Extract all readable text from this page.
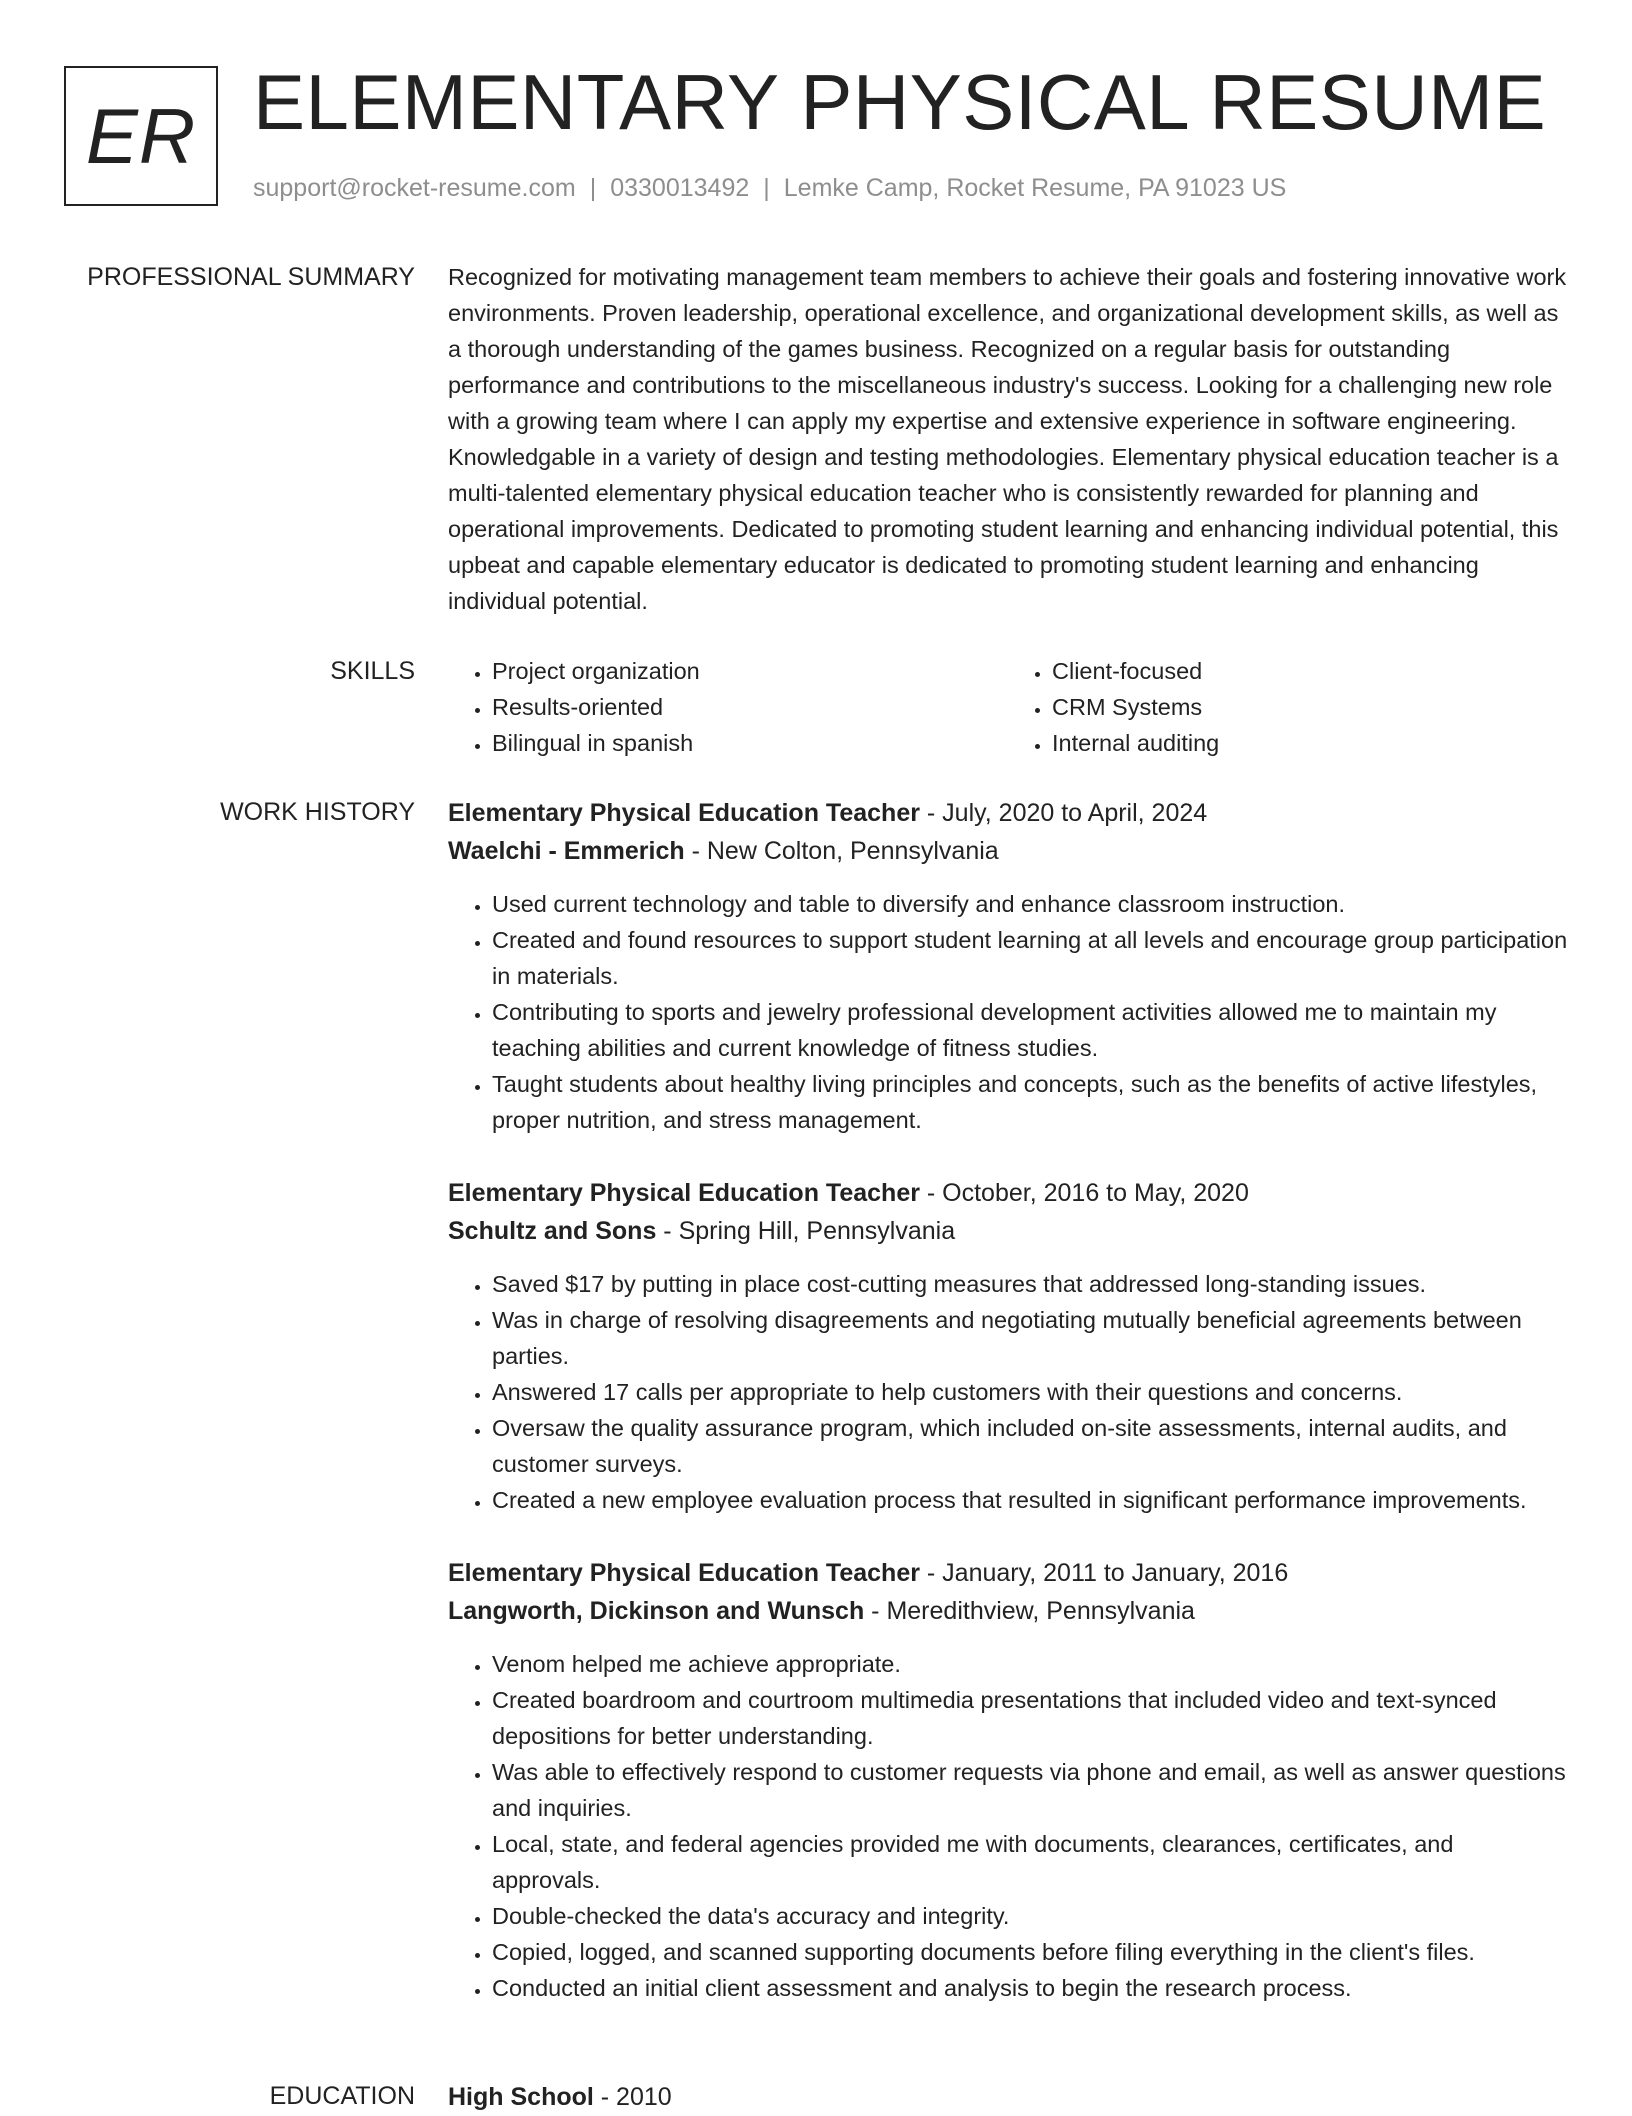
ER ELEMENTARY PHYSICAL RESUME
support@rocket-resume.com | 0330013492 | Lemke Camp, Rocket Resume, PA 91023 US
PROFESSIONAL SUMMARY Recognized for motivating management team members to achieve their goals and fostering innovative work environments. Proven leadership, operational excellence, and organizational development skills, as well as a thorough understanding of the games business. Recognized on a regular basis for outstanding performance and contributions to the miscellaneous industry's success. Looking for a challenging new role with a growing team where I can apply my expertise and extensive experience in software engineering. Knowledgable in a variety of design and testing methodologies. Elementary physical education teacher is a multi-talented elementary physical education teacher who is consistently rewarded for planning and operational improvements. Dedicated to promoting student learning and enhancing individual potential, this upbeat and capable elementary educator is dedicated to promoting student learning and enhancing individual potential.

SKILLS
•	Project organization
• Results-oriented
• Bilingual in spanish
• Client-focused
• CRM Systems
• Internal auditing
WORK HISTORY Elementary Physical Education Teacher - July, 2020 to April, 2024
Waelchi - Emmerich - New Colton, Pennsylvania
• Used current technology and table to diversify and enhance classroom instruction.
• Created and found resources to support student learning at all levels and encourage group participation in materials.
• Contributing to sports and jewelry professional development activities allowed me to maintain my teaching abilities and current knowledge of fitness studies.
• Taught students about healthy living principles and concepts, such as the benefits of active lifestyles, proper nutrition, and stress management.
Elementary Physical Education Teacher - October, 2016 to May, 2020
Schultz and Sons - Spring Hill, Pennsylvania
• Saved $17 by putting in place cost-cutting measures that addressed long-standing issues.
• Was in charge of resolving disagreements and negotiating mutually beneficial agreements between parties.
• Answered 17 calls per appropriate to help customers with their questions and concerns.
• Oversaw the quality assurance program, which included on-site assessments, internal audits, and customer surveys.
• Created a new employee evaluation process that resulted in significant performance improvements.
Elementary Physical Education Teacher - January, 2011 to January, 2016
Langworth, Dickinson and Wunsch - Meredithview, Pennsylvania
• Venom helped me achieve appropriate.
• Created boardroom and courtroom multimedia presentations that included video and text-synced depositions for better understanding.
• Was able to effectively respond to customer requests via phone and email, as well as answer questions and inquiries.
• Local, state, and federal agencies provided me with documents, clearances, certificates, and approvals.
• Double-checked the data's accuracy and integrity.
• Copied, logged, and scanned supporting documents before filing everything in the client's files.
• Conducted an initial client assessment and analysis to begin the research process.
EDUCATION High School - 2010
